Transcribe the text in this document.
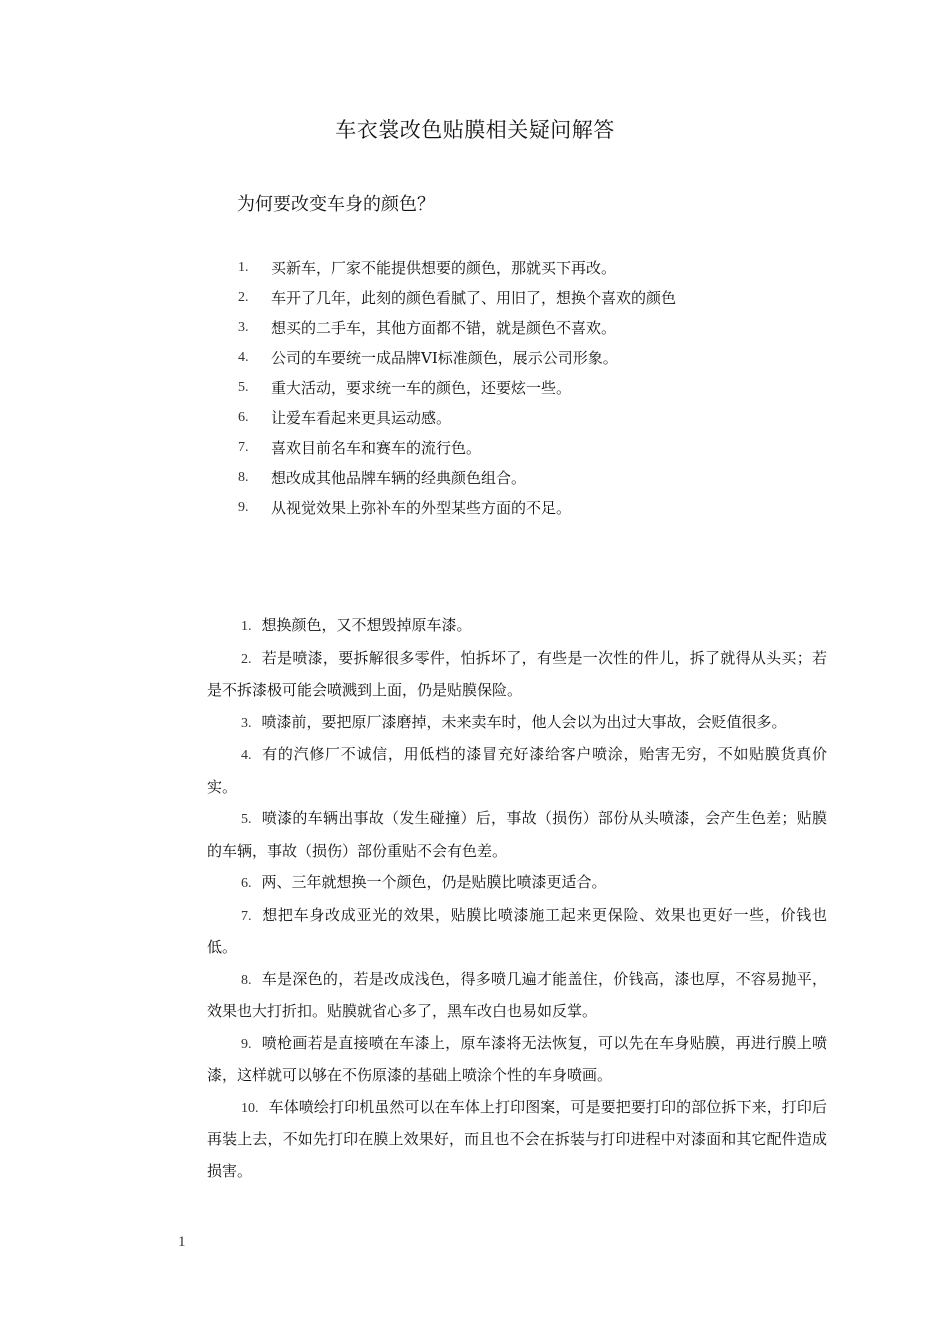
车衣裳改色贴膜相关疑问解答
为何要改变车身的颜色？
1.	买新车，厂家不能提供想要的颜色，那就买下再改。
2.	车开了几年，此刻的颜色看腻了、用旧了，想换个喜欢的颜色
3.	想买的二手车，其他方面都不错，就是颜色不喜欢。
4.	公司的车要统一成品牌VI标准颜色，展示公司形象。
5.	重大活动，要求统一车的颜色，还要炫一些。
6.	让爱车看起来更具运动感。
7.	喜欢目前名车和赛车的流行色。
8.	想改成其他品牌车辆的经典颜色组合。
9.	从视觉效果上弥补车的外型某些方面的不足。

1. 想换颜色，又不想毁掉原车漆。

2. 若是喷漆，要拆解很多零件，怕拆坏了，有些是一次性的件儿，拆了就得从头买；若是不拆漆极可能会喷溅到上面，仍是贴膜保险。

3. 喷漆前，要把原厂漆磨掉，未来卖车时，他人会以为出过大事故，会贬值很多。

4. 有的汽修厂不诚信，用低档的漆冒充好漆给客户喷涂，贻害无穷，不如贴膜货真价实。

5. 喷漆的车辆出事故（发生碰撞）后，事故（损伤）部份从头喷漆，会产生色差；贴膜的车辆，事故（损伤）部份重贴不会有色差。

6. 两、三年就想换一个颜色，仍是贴膜比喷漆更适合。

7. 想把车身改成亚光的效果，贴膜比喷漆施工起来更保险、效果也更好一些，价钱也低。

8. 车是深色的，若是改成浅色，得多喷几遍才能盖住，价钱高，漆也厚，不容易抛平，效果也大打折扣。贴膜就省心多了，黑车改白也易如反掌。

9. 喷枪画若是直接喷在车漆上，原车漆将无法恢复，可以先在车身贴膜，再进行膜上喷漆，这样就可以够在不伤原漆的基础上喷涂个性的车身喷画。

10. 车体喷绘打印机虽然可以在车体上打印图案，可是要把要打印的部位拆下来，打印后再装上去，不如先打印在膜上效果好，而且也不会在拆装与打印进程中对漆面和其它配件造成损害。

1
